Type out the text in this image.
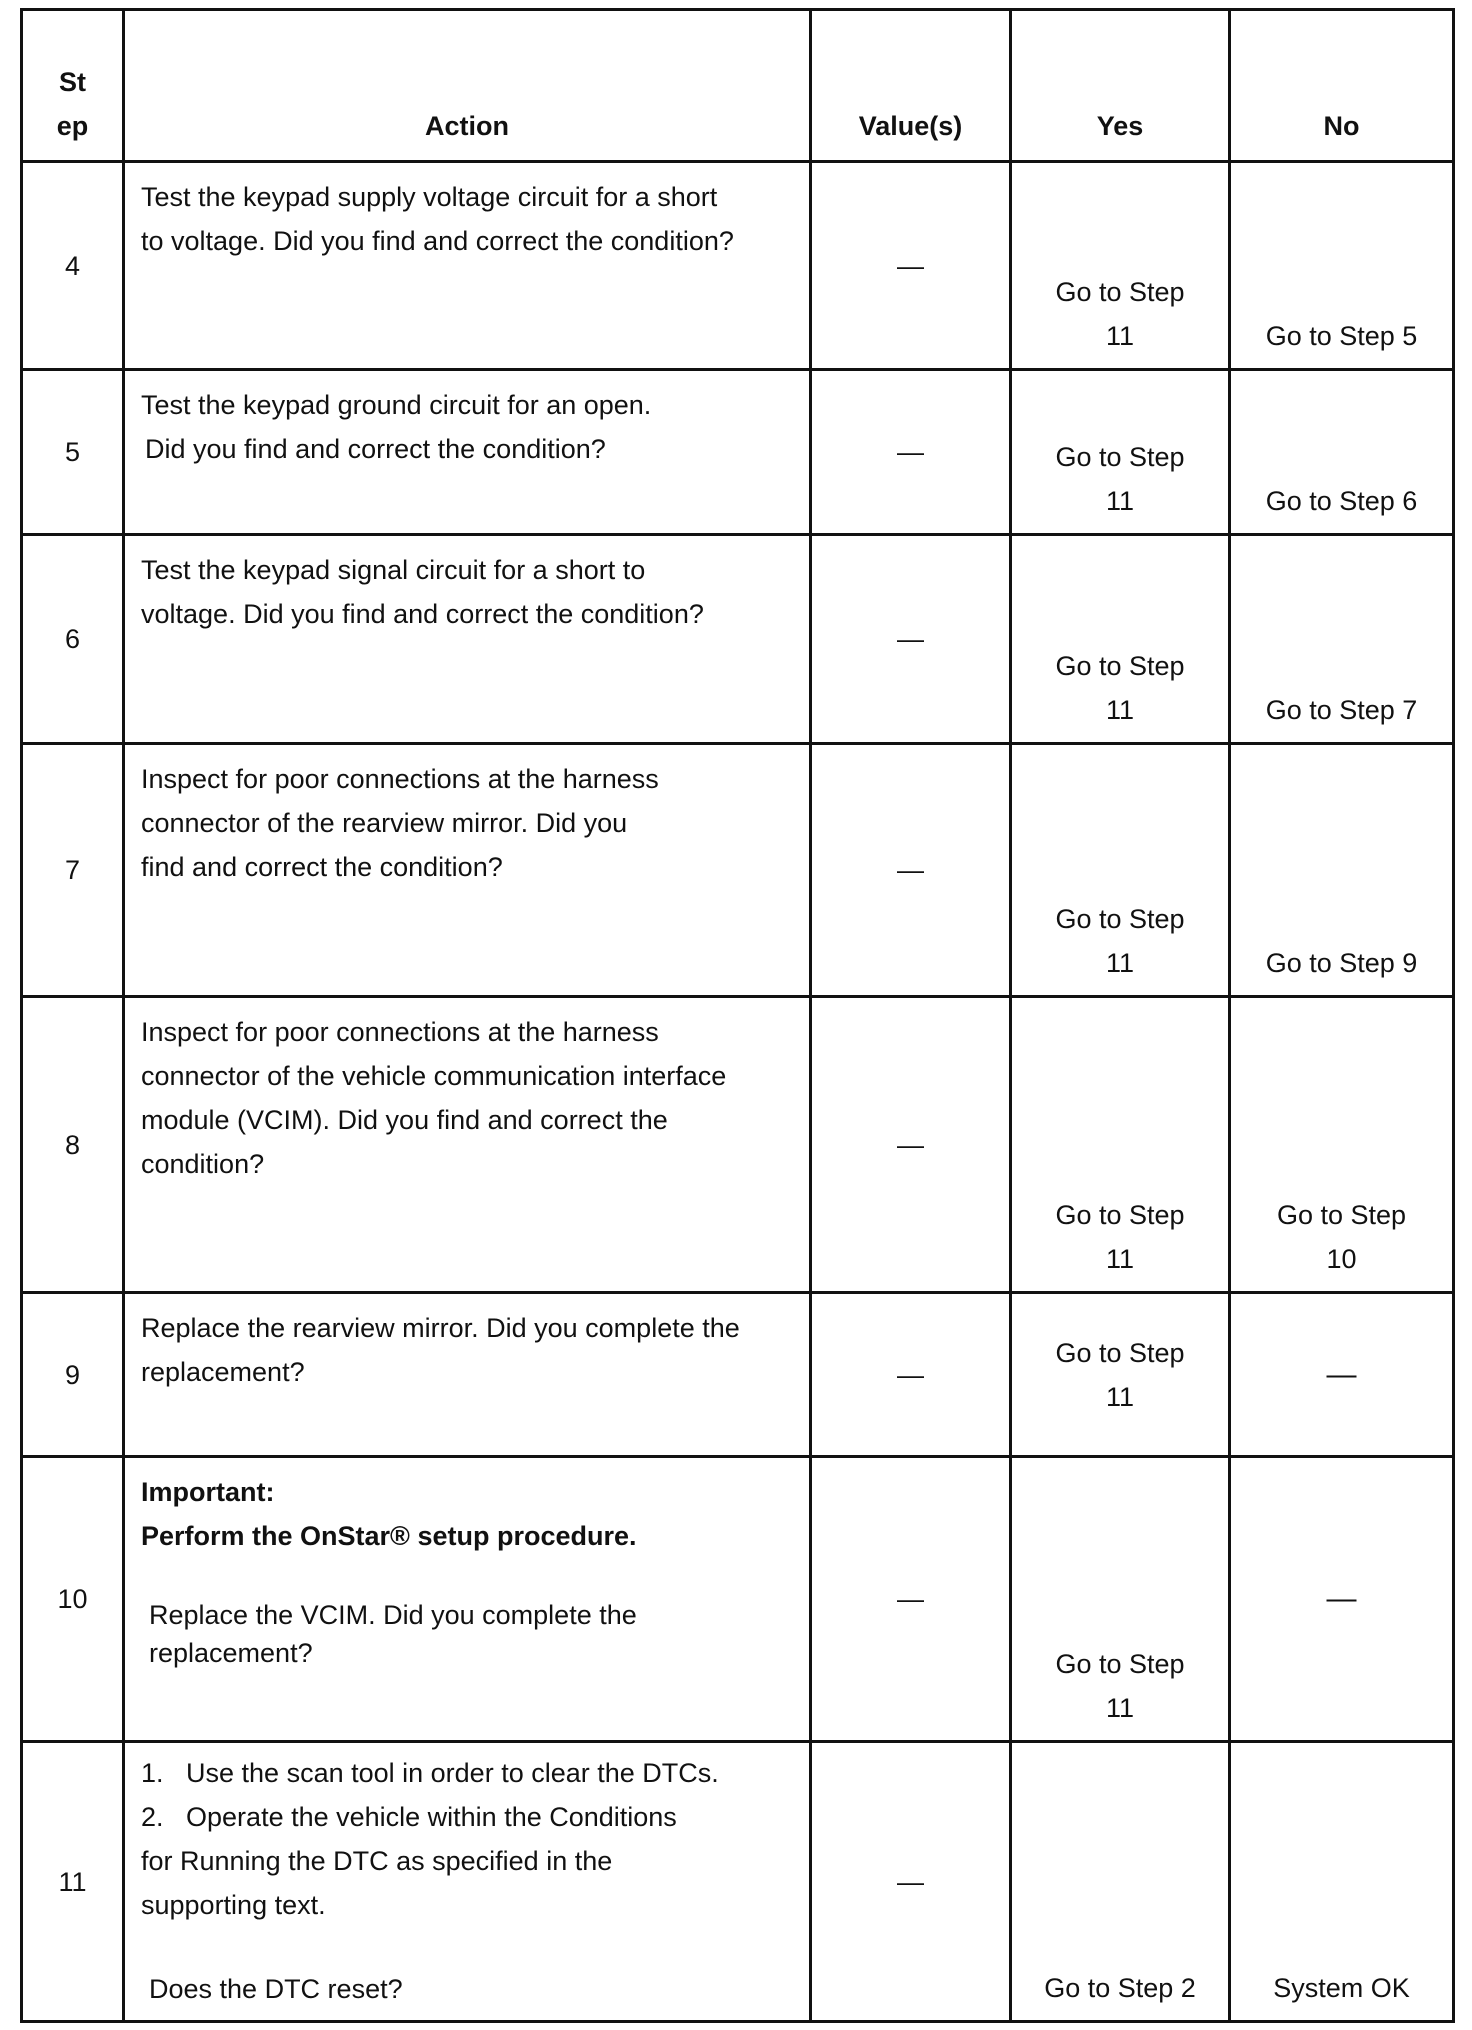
St
ep	Action	Value(s)	Yes	No
4	Test the keypad supply voltage circuit for a short
to voltage. Did you find and correct the condition?	—	Go to Step
11	Go to Step 5

5	Test the keypad ground circuit for an open.
Did you find and correct the condition?	—	Go to Step
11	Go to Step 6

6	Test the keypad signal circuit for a short to
voltage. Did you find and correct the condition?	—	Go to Step
11	Go to Step 7

7	Inspect for poor connections at the harness
connector of the rearview mirror. Did you
find and correct the condition?	—	Go to Step
11	Go to Step 9

8	Inspect for poor connections at the harness
connector of the vehicle communication interface
module (VCIM). Did you find and correct the
condition?	—	Go to Step
11	Go to Step
10

9	Replace the rearview mirror. Did you complete the
replacement?	—	Go to Step
11	—

10	Important:
Perform the OnStar® setup procedure.
Replace the VCIM. Did you complete the
replacement?	—	Go to Step
11	—

11	1.   Use the scan tool in order to clear the DTCs.
2.   Operate the vehicle within the Conditions
for Running the DTC as specified in the
supporting text.
Does the DTC reset?	—	Go to Step 2	System OK
